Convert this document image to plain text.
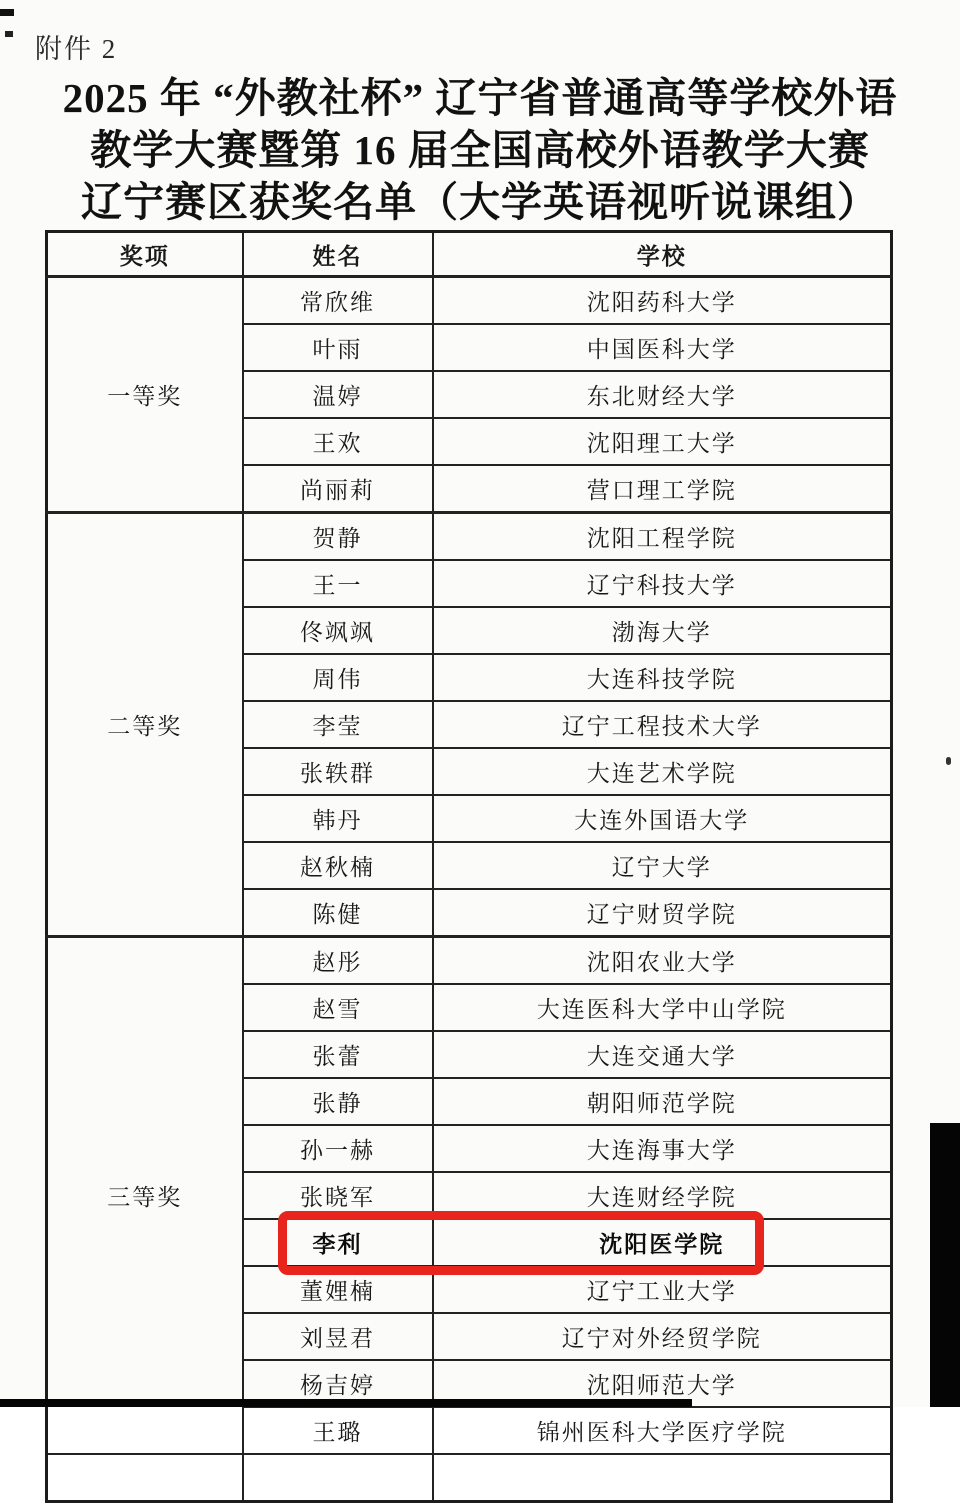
附件 2
2025 年 “外教社杯” 辽宁省普通高等学校外语
教学大赛暨第 16 届全国高校外语教学大赛
辽宁赛区获奖名单（大学英语视听说课组）
奖项	姓名	学校
一等奖	常欣维	沈阳药科大学
	叶雨	中国医科大学
	温婷	东北财经大学
	王欢	沈阳理工大学
	尚丽莉	营口理工学院
二等奖	贺静	沈阳工程学院
	王一	辽宁科技大学
	佟飒飒	渤海大学
	周伟	大连科技学院
	李莹	辽宁工程技术大学
	张轶群	大连艺术学院
	韩丹	大连外国语大学
	赵秋楠	辽宁大学
	陈健	辽宁财贸学院
三等奖	赵彤	沈阳农业大学
	赵雪	大连医科大学中山学院
	张蕾	大连交通大学
	张静	朝阳师范学院
	孙一赫	大连海事大学
	张晓军	大连财经学院
	李利	沈阳医学院
	董娌楠	辽宁工业大学
	刘昱君	辽宁对外经贸学院
	杨吉婷	沈阳师范大学
	王璐	锦州医科大学医疗学院
